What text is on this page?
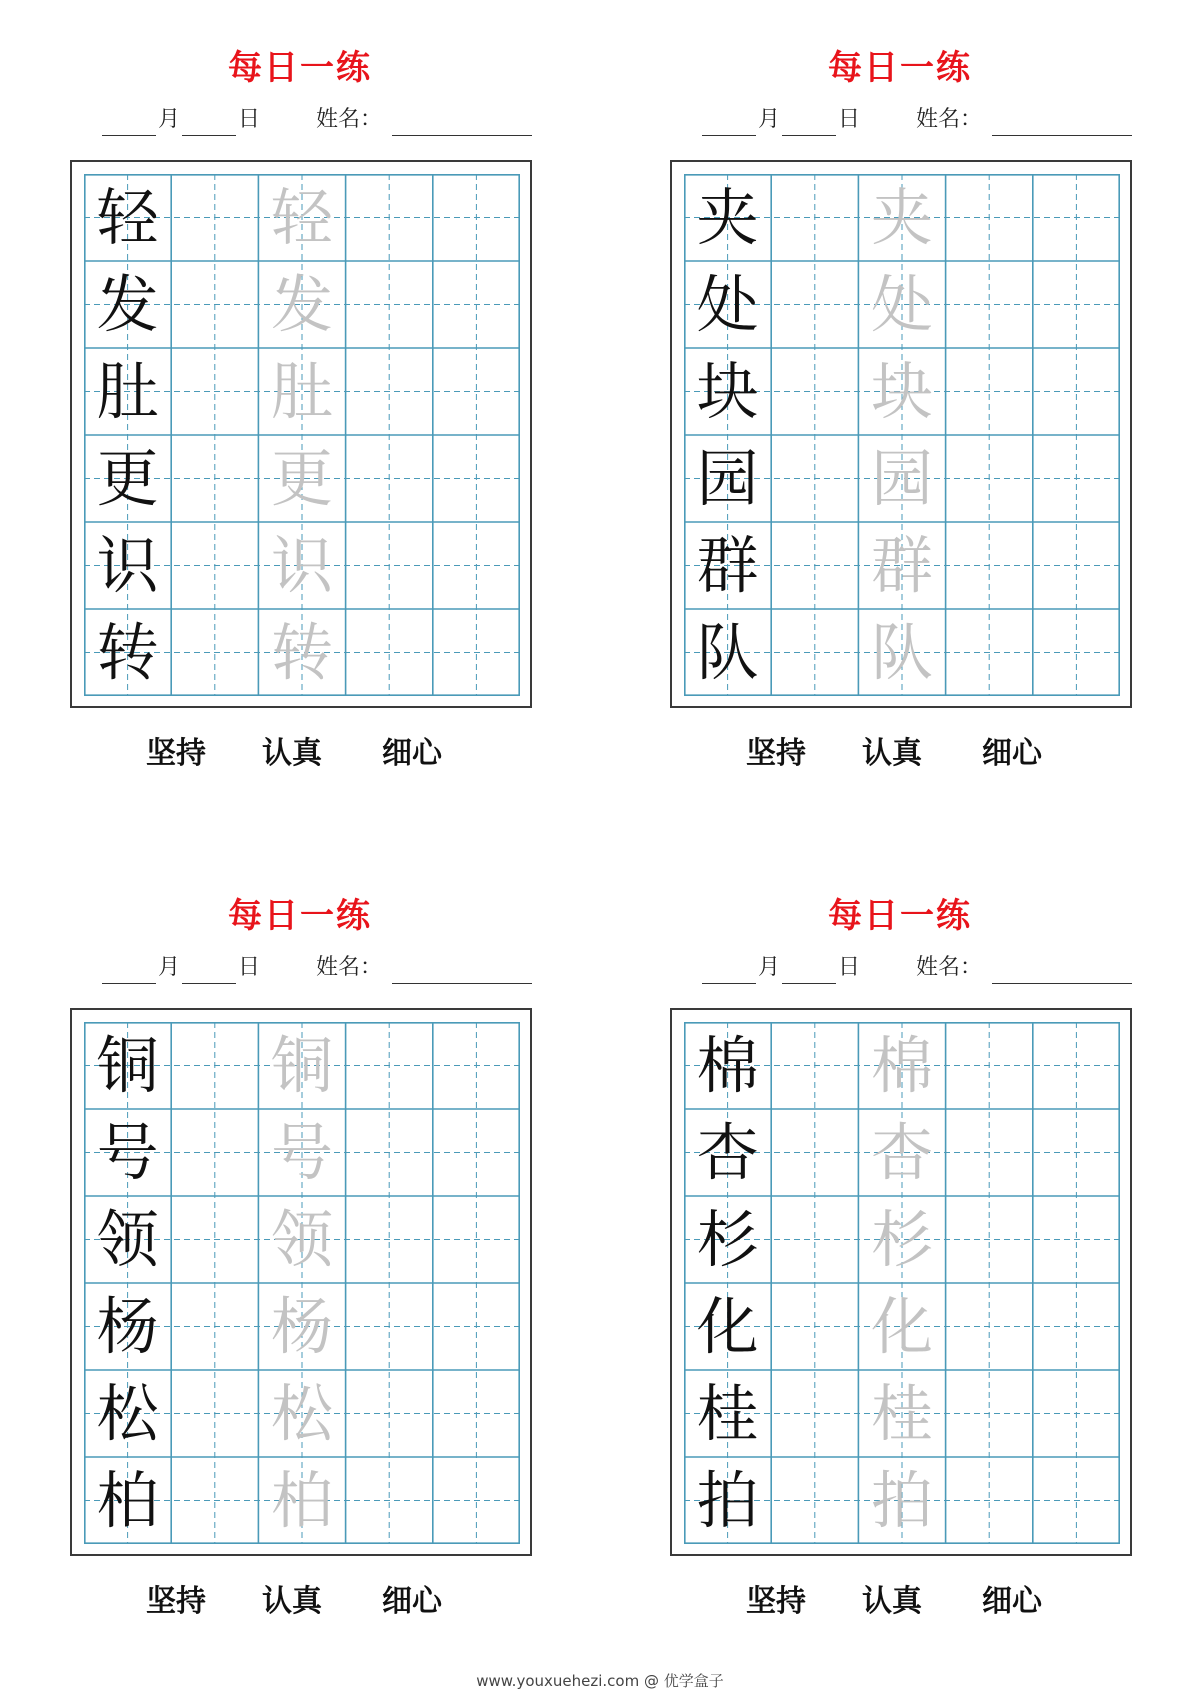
每日一练
月	日	姓名：
轻 轻
发 发
肚 肚
更 更
识 识
转 转
坚持 认真 细心
每日一练
月	日	姓名：
夹 夹
处 处
块 块
园 园
群 群
队 队
坚持 认真 细心
每日一练
月	日	姓名：
铜 铜
号 号
领 领
杨 杨
松 松
柏 柏
坚持 认真 细心
每日一练
月	日	姓名：
棉 棉
杏 杏
杉 杉
化 化
桂 桂
拍 拍
坚持 认真 细心
www.youxuehezi.com @ 优学盒子
